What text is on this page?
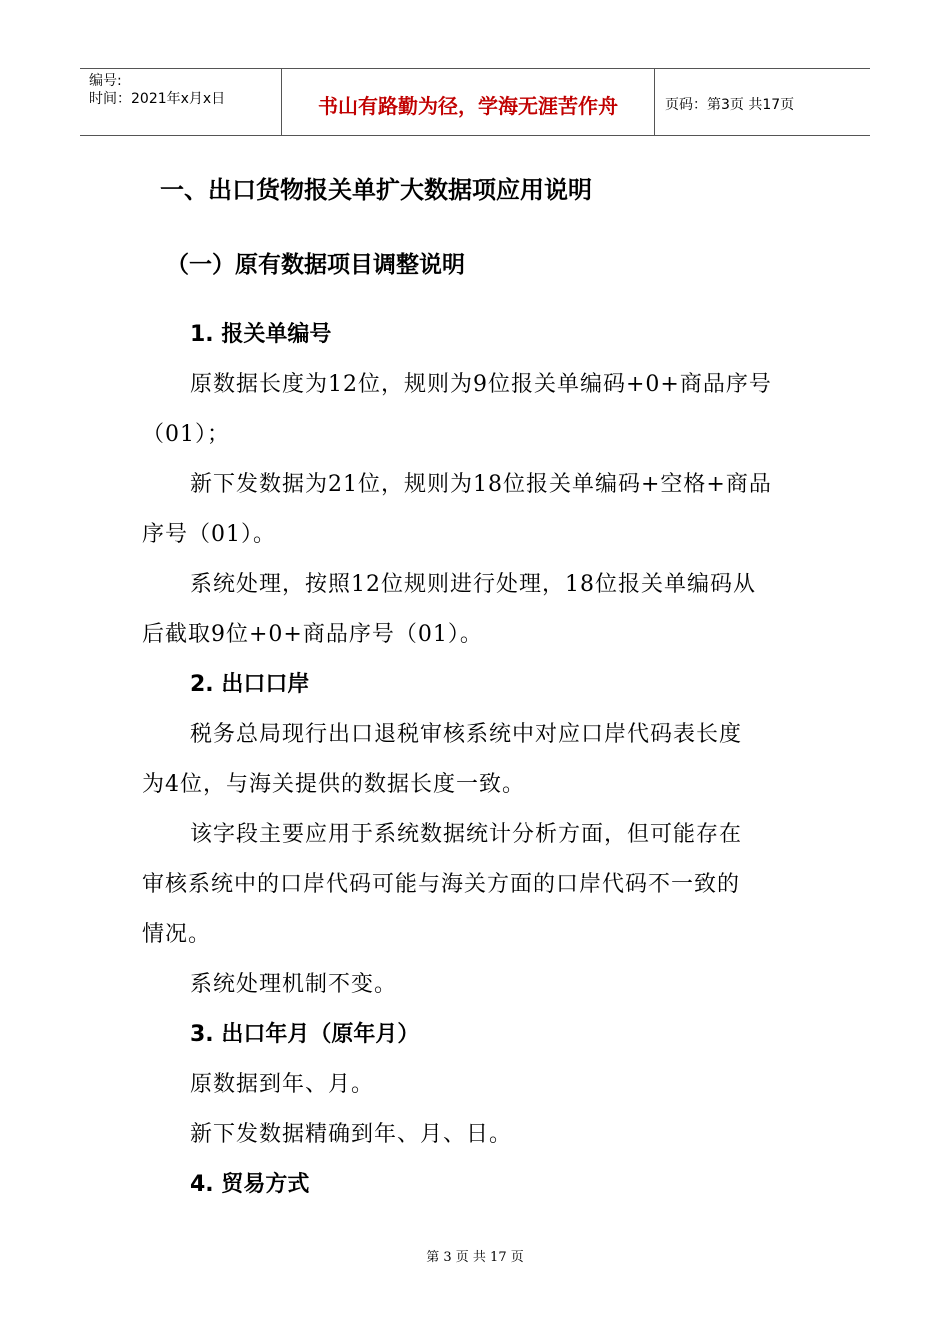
编号:
时间：2021年x月x日	书山有路勤为径，学海无涯苦作舟	页码：第3页 共17页
一、出口货物报关单扩大数据项应用说明
（一）原有数据项目调整说明
1. 报关单编号
原数据长度为12位，规则为9位报关单编码+0+商品序号
（01）；
新下发数据为21位，规则为18位报关单编码+空格+商品
序号（01）。
系统处理，按照12位规则进行处理，18位报关单编码从
后截取9位+0+商品序号（01）。
2. 出口口岸
税务总局现行出口退税审核系统中对应口岸代码表长度
为4位，与海关提供的数据长度一致。
该字段主要应用于系统数据统计分析方面，但可能存在
审核系统中的口岸代码可能与海关方面的口岸代码不一致的
情况。
系统处理机制不变。
3. 出口年月（原年月）
原数据到年、月。
新下发数据精确到年、月、日。
4. 贸易方式
第 3 页 共 17 页
